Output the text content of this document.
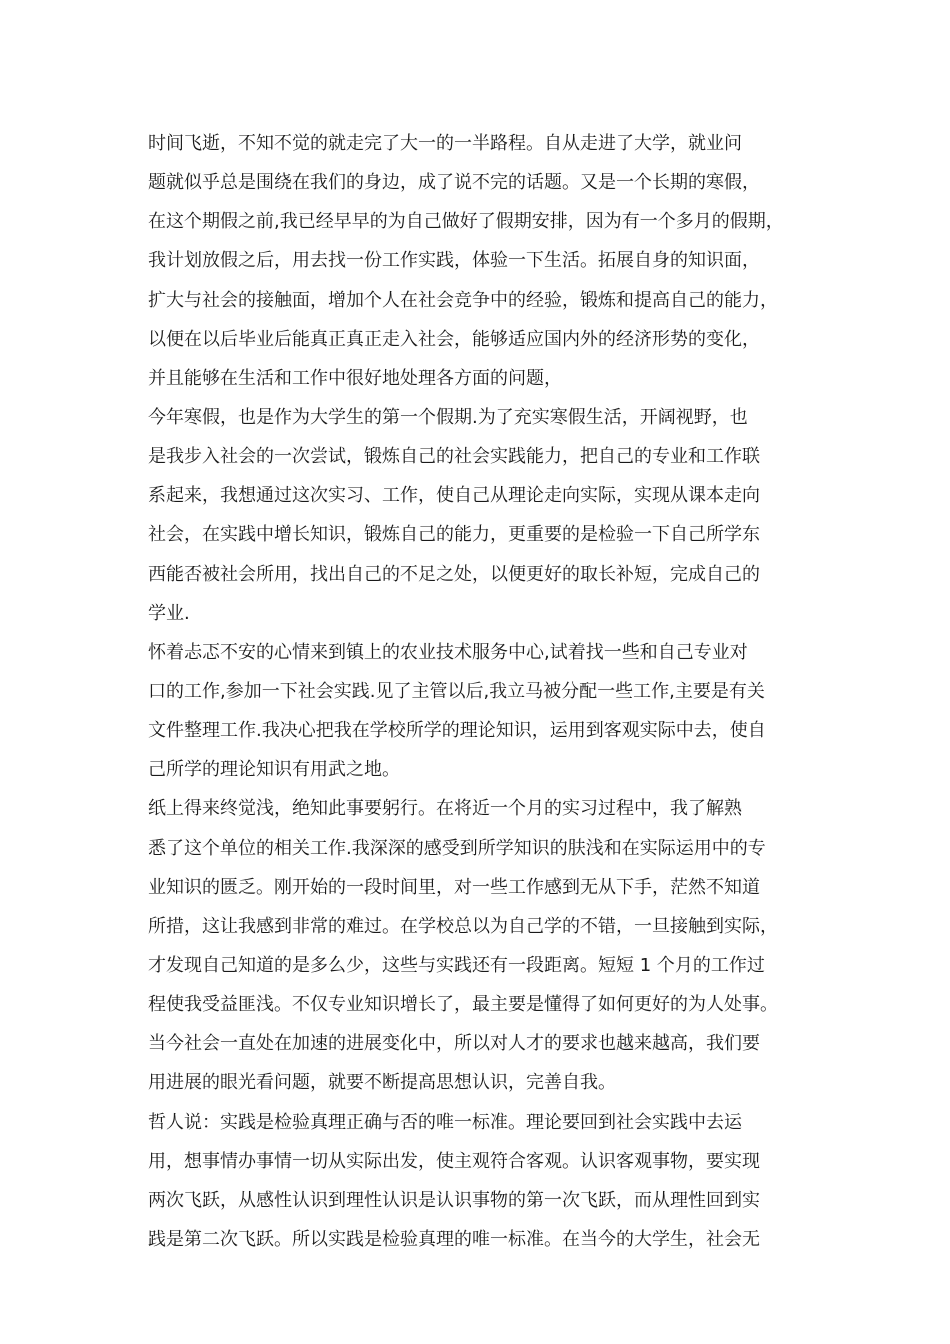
时间飞逝，不知不觉的就走完了大一的一半路程。自从走进了大学，就业问
题就似乎总是围绕在我们的身边，成了说不完的话题。又是一个长期的寒假，
在这个期假之前,我已经早早的为自己做好了假期安排，因为有一个多月的假期，
我计划放假之后，用去找一份工作实践，体验一下生活。拓展自身的知识面，
扩大与社会的接触面，增加个人在社会竞争中的经验，锻炼和提高自己的能力，
以便在以后毕业后能真正真正走入社会，能够适应国内外的经济形势的变化，
并且能够在生活和工作中很好地处理各方面的问题，
今年寒假，也是作为大学生的第一个假期.为了充实寒假生活，开阔视野，也
是我步入社会的一次尝试，锻炼自己的社会实践能力，把自己的专业和工作联
系起来，我想通过这次实习、工作，使自己从理论走向实际，实现从课本走向
社会，在实践中增长知识，锻炼自己的能力，更重要的是检验一下自己所学东
西能否被社会所用，找出自己的不足之处，以便更好的取长补短，完成自己的
学业.
怀着忐忑不安的心情来到镇上的农业技术服务中心,试着找一些和自己专业对
口的工作,参加一下社会实践.见了主管以后,我立马被分配一些工作,主要是有关
文件整理工作.我决心把我在学校所学的理论知识，运用到客观实际中去，使自
己所学的理论知识有用武之地。
纸上得来终觉浅，绝知此事要躬行。在将近一个月的实习过程中，我了解熟
悉了这个单位的相关工作.我深深的感受到所学知识的肤浅和在实际运用中的专
业知识的匮乏。刚开始的一段时间里，对一些工作感到无从下手，茫然不知道
所措，这让我感到非常的难过。在学校总以为自己学的不错，一旦接触到实际，
才发现自己知道的是多么少，这些与实践还有一段距离。短短 1 个月的工作过
程使我受益匪浅。不仅专业知识增长了，最主要是懂得了如何更好的为人处事。
当今社会一直处在加速的进展变化中，所以对人才的要求也越来越高，我们要
用进展的眼光看问题，就要不断提高思想认识，完善自我。
哲人说：实践是检验真理正确与否的唯一标准。理论要回到社会实践中去运
用，想事情办事情一切从实际出发，使主观符合客观。认识客观事物，要实现
两次飞跃，从感性认识到理性认识是认识事物的第一次飞跃，而从理性回到实
践是第二次飞跃。所以实践是检验真理的唯一标准。在当今的大学生，社会无
